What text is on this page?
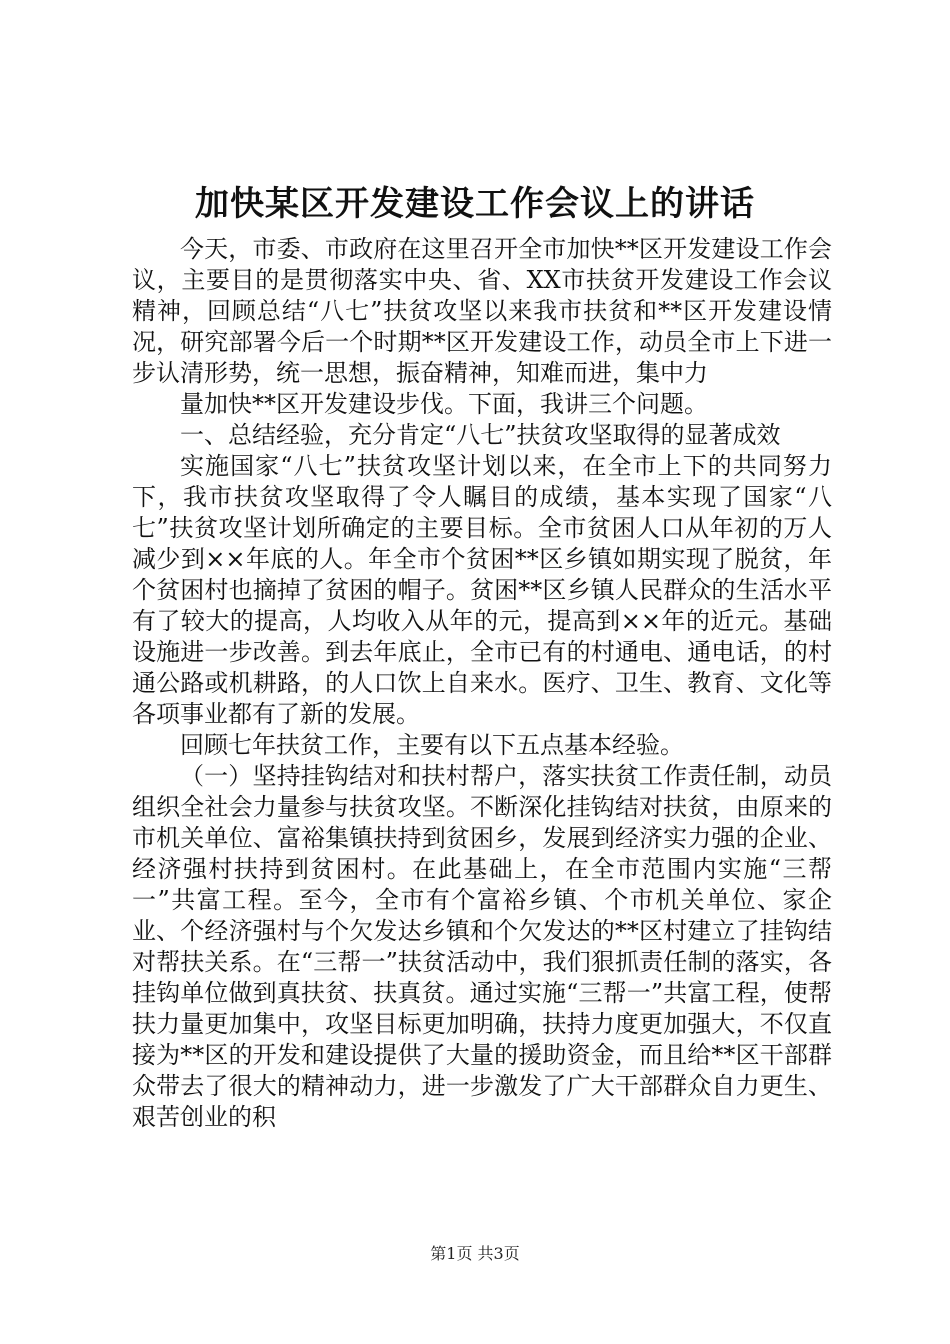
加快某区开发建设工作会议上的讲话

今天，市委、市政府在这里召开全市加快**区开发建设工作会议，主要目的是贯彻落实中央、省、XX市扶贫开发建设工作会议精神，回顾总结“八七”扶贫攻坚以来我市扶贫和**区开发建设情况，研究部署今后一个时期**区开发建设工作，动员全市上下进一步认清形势，统一思想，振奋精神，知难而进，集中力

量加快**区开发建设步伐。下面，我讲三个问题。

一、总结经验，充分肯定“八七”扶贫攻坚取得的显著成效

实施国家“八七”扶贫攻坚计划以来，在全市上下的共同努力下，我市扶贫攻坚取得了令人瞩目的成绩，基本实现了国家“八七”扶贫攻坚计划所确定的主要目标。全市贫困人口从年初的万人减少到××年底的人。年全市个贫困**区乡镇如期实现了脱贫，年个贫困村也摘掉了贫困的帽子。贫困**区乡镇人民群众的生活水平有了较大的提高，人均收入从年的元，提高到××年的近元。基础设施进一步改善。到去年底止，全市已有的村通电、通电话，的村通公路或机耕路，的人口饮上自来水。医疗、卫生、教育、文化等各项事业都有了新的发展。

回顾七年扶贫工作，主要有以下五点基本经验。

（一）坚持挂钩结对和扶村帮户，落实扶贫工作责任制，动员组织全社会力量参与扶贫攻坚。不断深化挂钩结对扶贫，由原来的市机关单位、富裕集镇扶持到贫困乡，发展到经济实力强的企业、经济强村扶持到贫困村。在此基础上，在全市范围内实施“三帮一”共富工程。至今，全市有个富裕乡镇、个市机关单位、家企业、个经济强村与个欠发达乡镇和个欠发达的**区村建立了挂钩结对帮扶关系。在“三帮一”扶贫活动中，我们狠抓责任制的落实，各挂钩单位做到真扶贫、扶真贫。通过实施“三帮一”共富工程，使帮扶力量更加集中，攻坚目标更加明确，扶持力度更加强大，不仅直接为**区的开发和建设提供了大量的援助资金，而且给**区干部群众带去了很大的精神动力，进一步激发了广大干部群众自力更生、艰苦创业的积

第1页 共3页
